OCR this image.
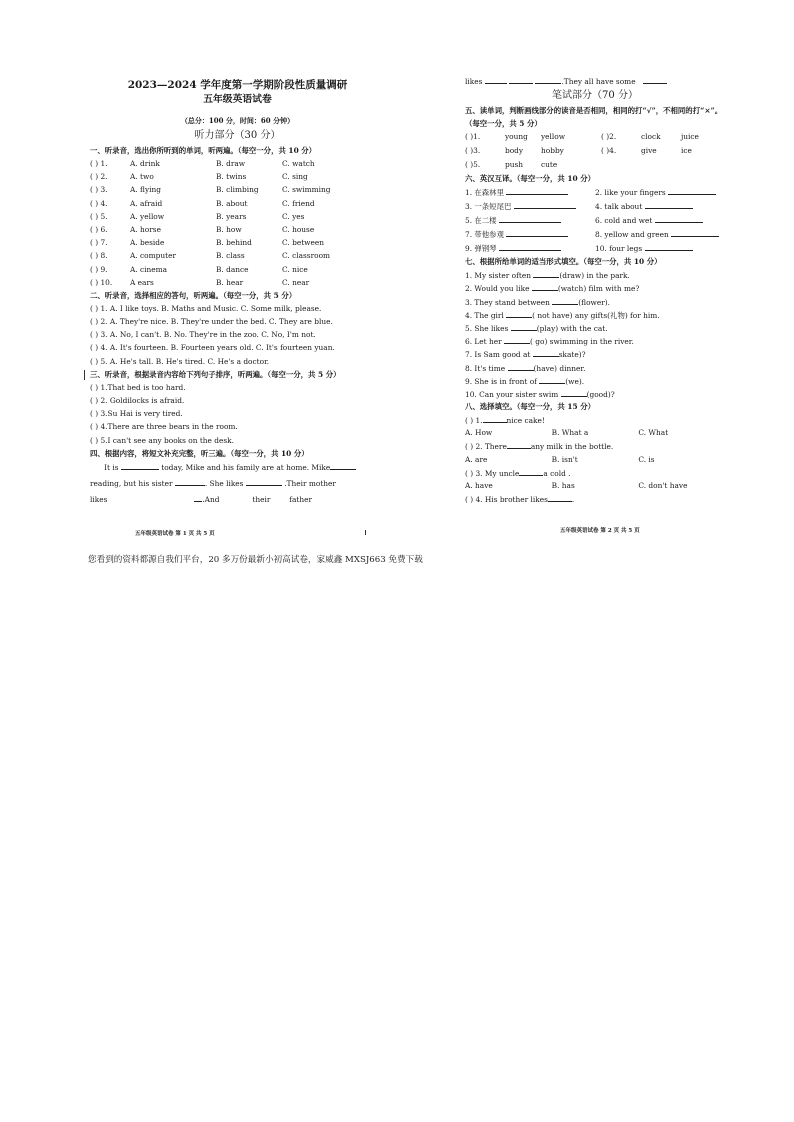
2023—2024 学年度第一学期阶段性质量调研
五年级英语试卷
（总分：100 分，时间：60 分钟）
听力部分（30 分）
一、听录音，选出你所听到的单词，听两遍。（每空一分，共 10 分）
( ) 1.	A. drink	B. draw	C. watch
( ) 2.	A. two	B. twins	C. sing
( ) 3.	A. flying	B. climbing	C. swimming
( ) 4.	A. afraid	B. about	C. friend
( ) 5.	A. yellow	B. years	C. yes
( ) 6.	A. horse	B. how	C. house
( ) 7.	A. beside	B. behind	C. between
( ) 8.	A. computer	B. class	C. classroom
( ) 9.	A. cinema	B. dance	C. nice
( ) 10.	A ears	B. hear	C. near
二、听录音，选择相应的答句，听两遍。（每空一分，共 5 分）
( ) 1. A. I like toys. B. Maths and Music. C. Some milk, please.
( ) 2. A. They're nice. B. They're under the bed. C. They are blue.
( ) 3. A. No, I can't. B. No. They're in the zoo. C. No, I'm not.
( ) 4. A. It's fourteen. B. Fourteen years old. C. It's fourteen yuan.
( ) 5. A. He's tall. B. He's tired. C. He's a doctor.
三、听录音，根据录音内容给下列句子排序，听两遍。（每空一分，共 5 分）
( ) 1.That bed is too hard.
( ) 2. Goldilocks is afraid.
( ) 3.Su Hai is very tired.
( ) 4.There are three bears in the room.
( ) 5.I can't see any books on the desk.
四、根据内容，将短文补充完整，听三遍。（每空一分，共 10 分）
It is	today, Mike and his family are at home. Mike
reading, but his sister	. She likes	.Their mother
likes	.And	their	father
likes	.They all have some
笔试部分（70 分）
五、读单词，判断画线部分的读音是否相同，相同的打“√”，不相同的打“×”。
（每空一分，共 5 分）
( )1.	young	yellow	( )2.	clock	juice
( )3.	body	hobby	( )4.	give	ice
( )5.	push	cute
六、英汉互译。（每空一分，共 10 分）
1. 在森林里	2. like your fingers
3. 一条短尾巴	4. talk about
5. 在二楼	6. cold and wet
7. 带他参观	8. yellow and green
9. 弹钢琴	10. four legs
七、根据所给单词的适当形式填空。（每空一分，共 10 分）
1. My sister often	(draw) in the park.
2. Would you like	(watch) film with me?
3. They stand between	(flower).
4. The girl	( not have) any gifts(礼物) for him.
5. She likes	(play) with the cat.
6. Let her	( go) swimming in the river.
7. Is Sam good at	skate)?
8. It's time	(have) dinner.
9. She is in front of	(we).
10. Can your sister swim	(good)?
八、选择填空。（每空一分，共 15 分）
( ) 1.	nice cake!
A. How	B. What a	C. What
( ) 2. There	any milk in the bottle.
A. are	B. isn't	C. is
( ) 3. My uncle	a cold .
A. have	B. has	C. don't have
( ) 4. His brother likes	.
五年级英语试卷 第 1 页 共 5 页	五年级英语试卷 第 2 页 共 5 页
您看到的资料都源自我们平台，20 多万份最新小初高试卷，家威鑫 MXSJ663 免费下载
